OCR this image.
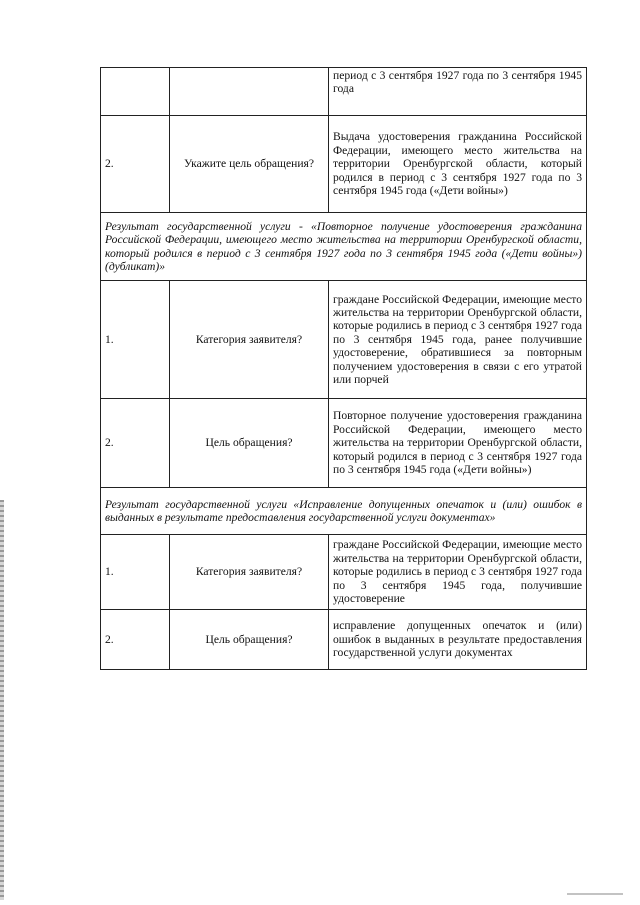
		период с 3 сентября 1927 года по 3 сентября 1945 года
2.	Укажите цель обращения?	Выдача удостоверения гражданина Российской Федерации, имеющего место жительства на территории Оренбургской области, который родился в период с 3 сентября 1927 года по 3 сентября 1945 года («Дети войны»)
Результат государственной услуги - «Повторное получение удостоверения гражданина Российской Федерации, имеющего место жительства на территории Оренбургской области, который родился в период с 3 сентября 1927 года по 3 сентября 1945 года («Дети войны») (дубликат)»		
1.	Категория заявителя?	граждане Российской Федерации, имеющие место жительства на территории Оренбургской области, которые родились в период с 3 сентября 1927 года по 3 сентября 1945 года, ранее получившие удостоверение, обратившиеся за повторным получением удостоверения в связи с его утратой или порчей
2.	Цель обращения?	Повторное получение удостоверения гражданина Российской Федерации, имеющего место жительства на территории Оренбургской области, который родился в период с 3 сентября 1927 года по 3 сентября 1945 года («Дети войны»)
Результат государственной услуги «Исправление допущенных опечаток и (или) ошибок в выданных в результате предоставления государственной услуги документах»		
1.	Категория заявителя?	граждане Российской Федерации, имеющие место жительства на территории Оренбургской области, которые родились в период с 3 сентября 1927 года по 3 сентября 1945 года, получившие удостоверение
2.	Цель обращения?	исправление допущенных опечаток и (или) ошибок в выданных в результате предоставления государственной услуги документах
